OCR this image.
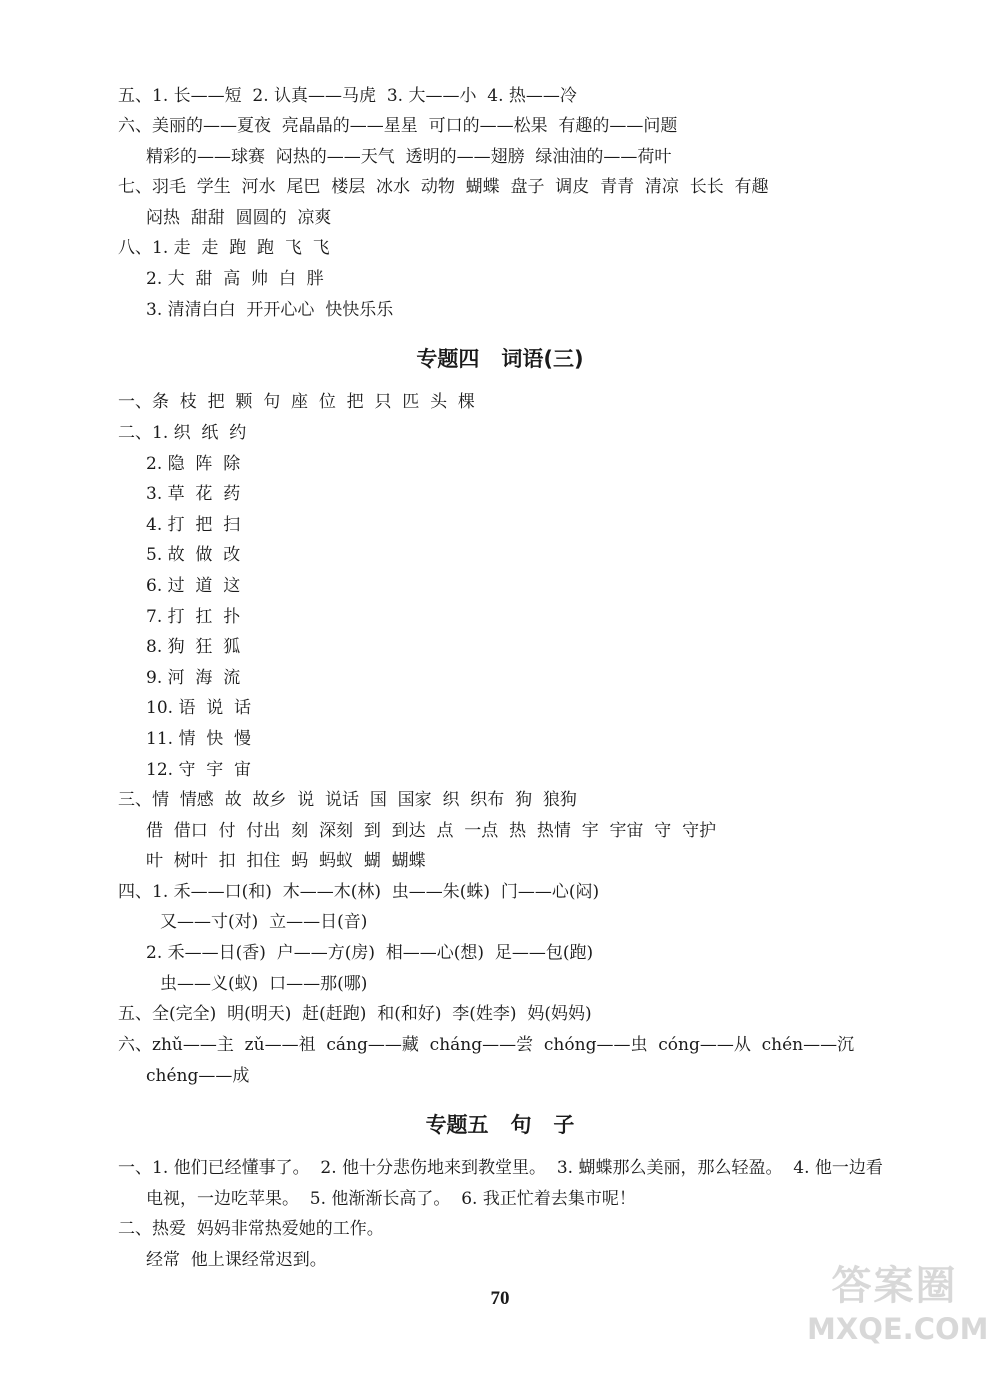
五、1. 长——短  2. 认真——马虎  3. 大——小  4. 热——冷
六、美丽的——夏夜  亮晶晶的——星星  可口的——松果  有趣的——问题
精彩的——球赛  闷热的——天气  透明的——翅膀  绿油油的——荷叶
七、羽毛  学生  河水  尾巴  楼层  冰水  动物  蝴蝶  盘子  调皮  青青  清凉  长长  有趣
闷热  甜甜  圆圆的  凉爽
八、1. 走  走  跑  跑  飞  飞
2. 大  甜  高  帅  白  胖
3. 清清白白  开开心心  快快乐乐
专题四   词语(三)
一、条  枝  把  颗  句  座  位  把  只  匹  头  棵
二、1. 织  纸  约
2. 隐  阵  除
3. 草  花  药
4. 打  把  扫
5. 故  做  改
6. 过  道  这
7. 打  扛  扑
8. 狗  狂  狐
9. 河  海  流
10. 语  说  话
11. 情  快  慢
12. 守  宇  宙
三、情  情感  故  故乡  说  说话  国  国家  织  织布  狗  狼狗
借  借口  付  付出  刻  深刻  到  到达  点  一点  热  热情  宇  宇宙  守  守护
叶  树叶  扣  扣住  蚂  蚂蚁  蝴  蝴蝶
四、1. 禾——口(和)  木——木(林)  虫——朱(蛛)  门——心(闷)
又——寸(对)  立——日(音)
2. 禾——日(香)  户——方(房)  相——心(想)  足——包(跑)
虫——义(蚁)  口——那(哪)
五、全(完全)  明(明天)  赶(赶跑)  和(和好)  李(姓李)  妈(妈妈)
六、zhǔ——主  zǔ——祖  cáng——藏  cháng——尝  chóng——虫  cóng——从  chén——沉
chéng——成
专题五   句   子
一、1. 他们已经懂事了。  2. 他十分悲伤地来到教堂里。  3. 蝴蝶那么美丽，那么轻盈。  4. 他一边看
电视，一边吃苹果。  5. 他渐渐长高了。  6. 我正忙着去集市呢！
二、热爱  妈妈非常热爱她的工作。
经常  他上课经常迟到。
70	答案圈
MXQE.COM
